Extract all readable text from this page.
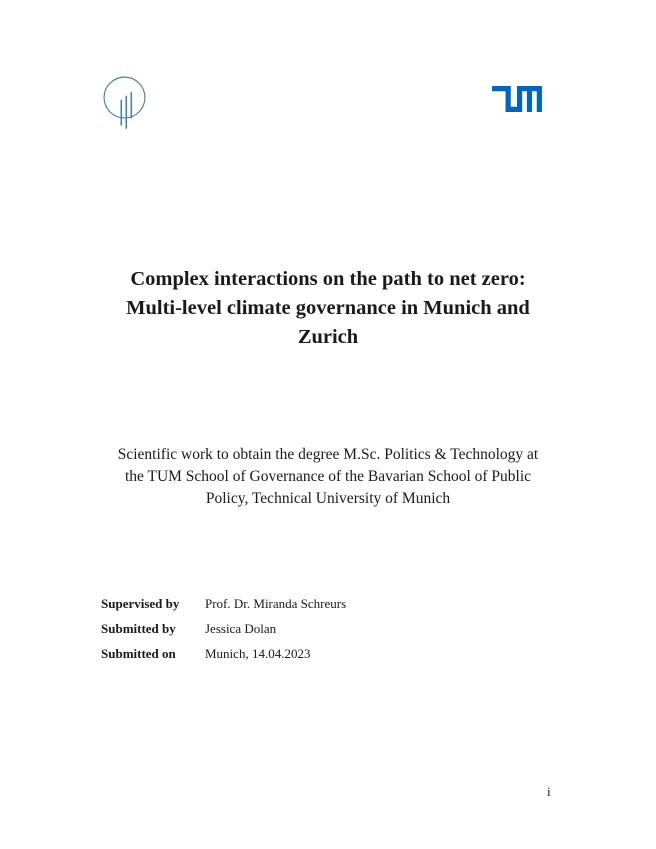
Complex interactions on the path to net zero:
Multi-level climate governance in Munich and
Zurich

Scientific work to obtain the degree M.Sc. Politics & Technology at
the TUM School of Governance of the Bavarian School of Public
Policy, Technical University of Munich

Supervised by	Prof. Dr. Miranda Schreurs
Submitted by	Jessica Dolan
Submitted on	Munich, 14.04.2023
i
